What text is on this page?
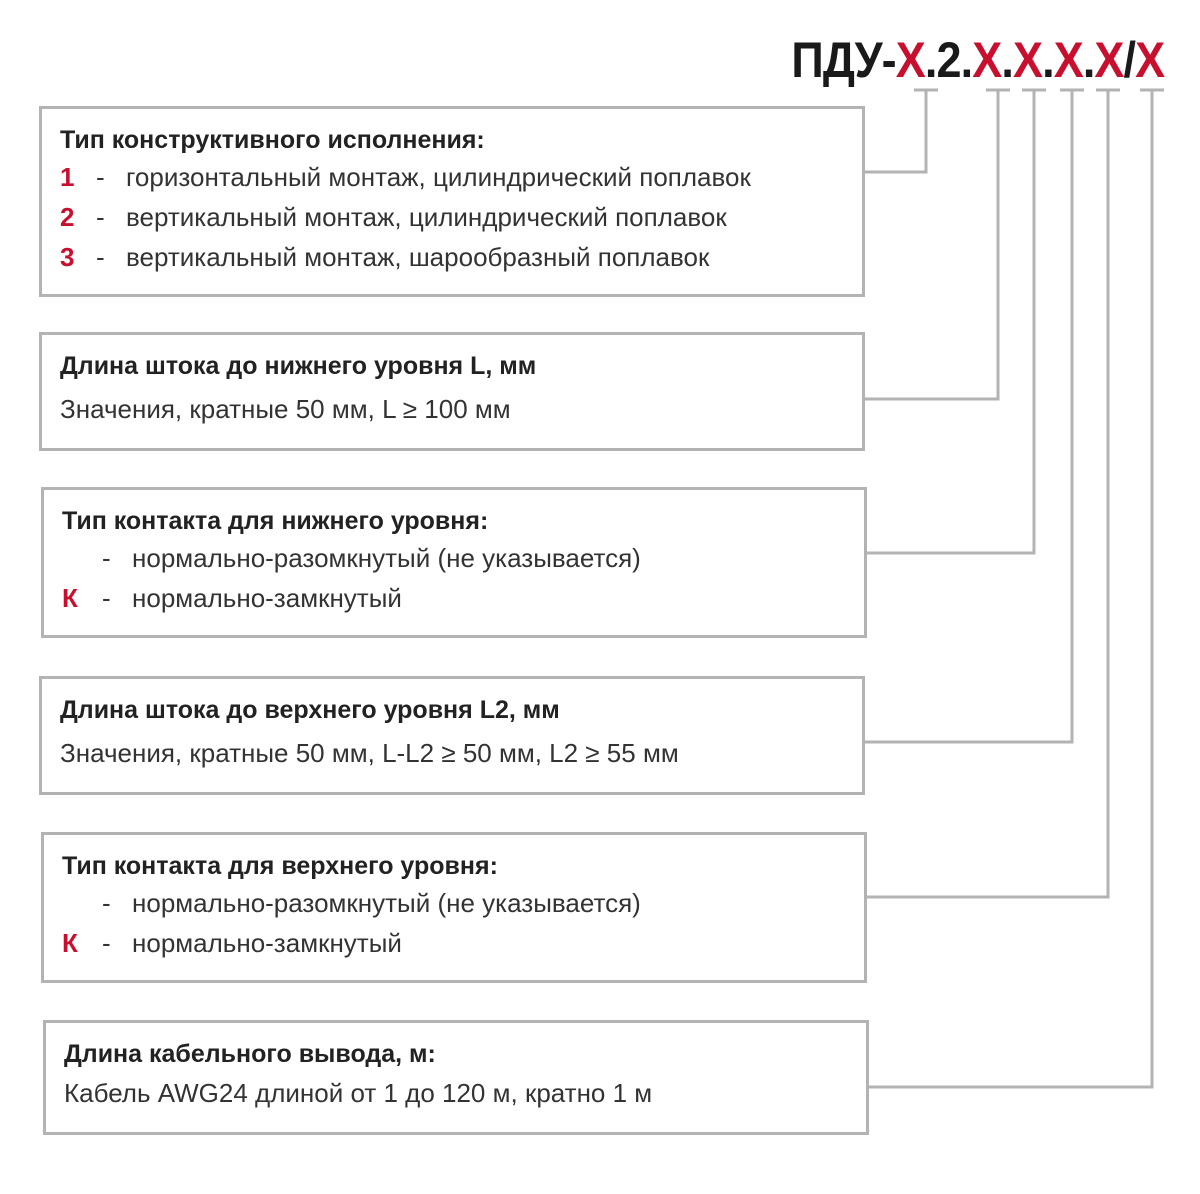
ПДУ-X.2.X.X.X.X/X
Тип конструктивного исполнения:
1 - горизонтальный монтаж, цилиндрический поплавок
2 - вертикальный монтаж, цилиндрический поплавок
3 - вертикальный монтаж, шарообразный поплавок
Длина штока до нижнего уровня L, мм
Значения, кратные 50 мм, L ≥ 100 мм
Тип контакта для нижнего уровня:
- нормально-разомкнутый (не указывается)
К - нормально-замкнутый
Длина штока до верхнего уровня L2, мм
Значения, кратные 50 мм, L-L2 ≥ 50 мм, L2 ≥ 55 мм
Тип контакта для верхнего уровня:
- нормально-разомкнутый (не указывается)
К - нормально-замкнутый
Длина кабельного вывода, м:
Кабель AWG24 длиной от 1 до 120 м, кратно 1 м
